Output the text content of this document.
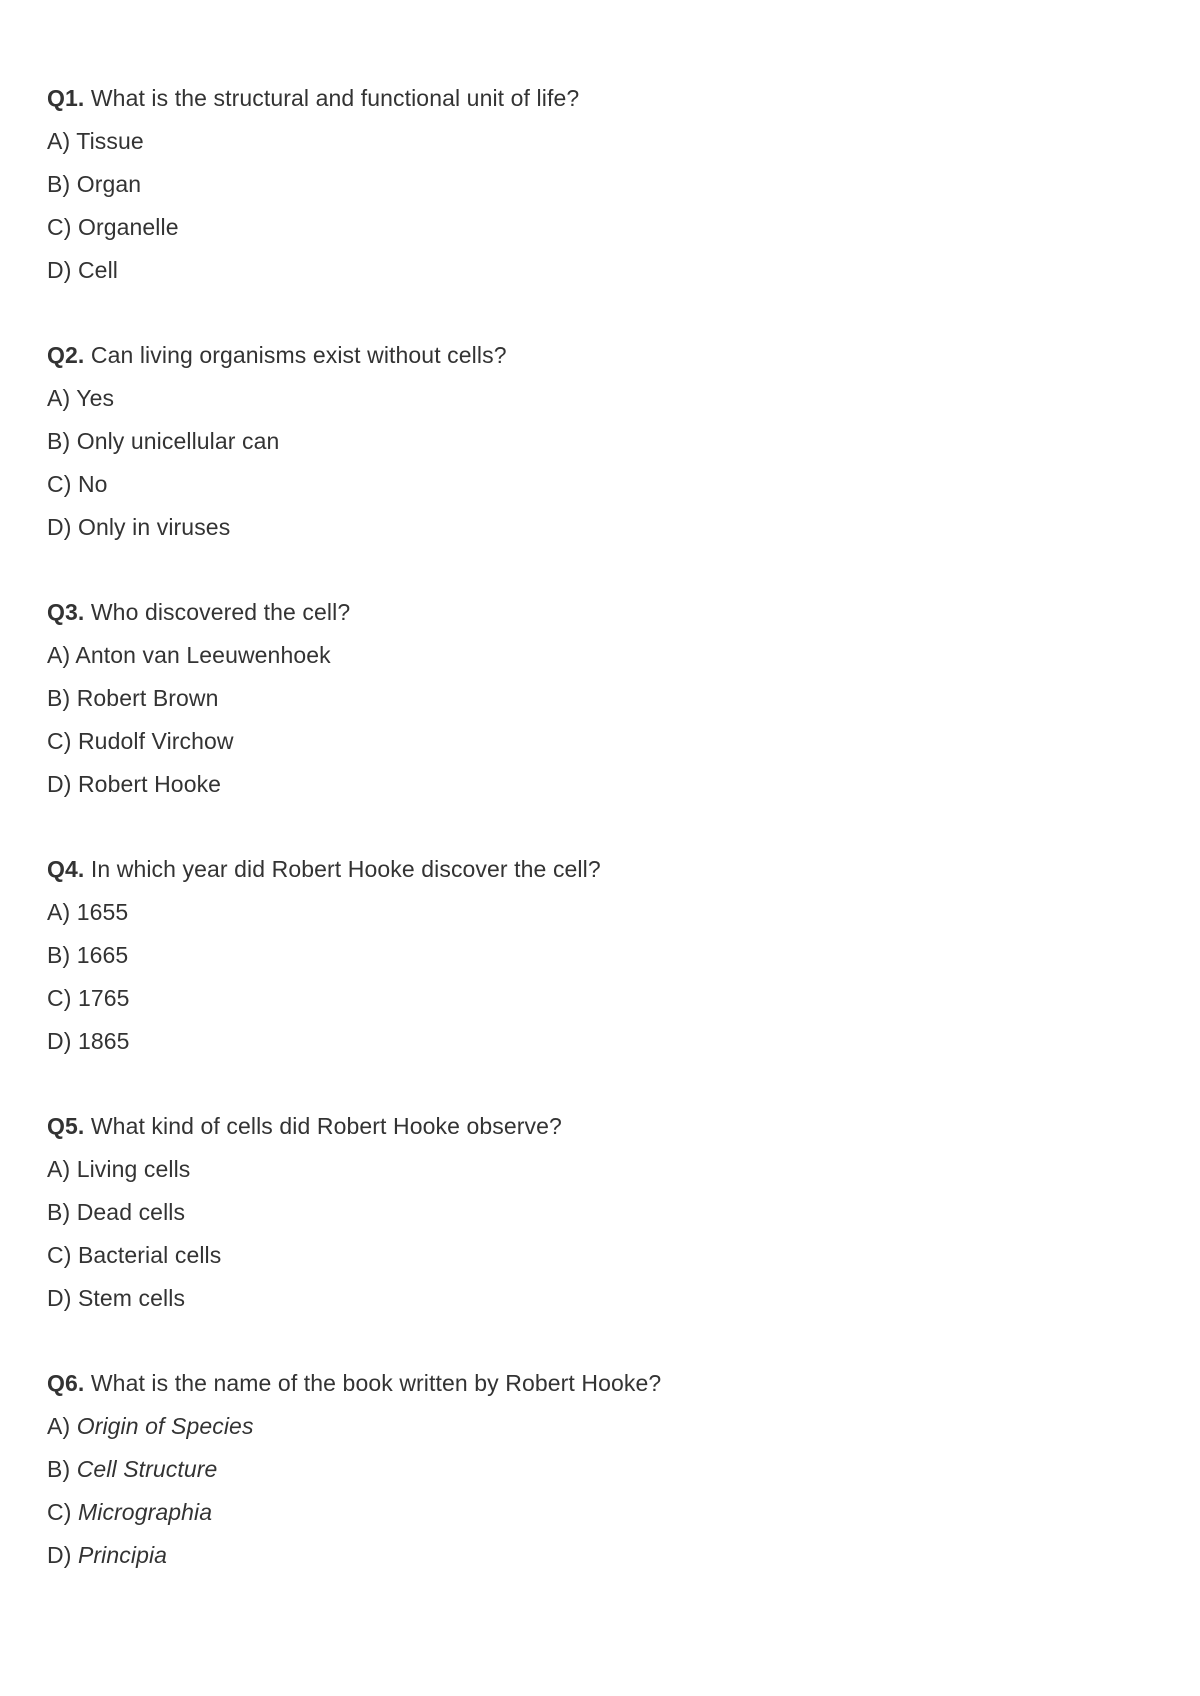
Q1. What is the structural and functional unit of life?
A) Tissue
B) Organ
C) Organelle
D) Cell
Q2. Can living organisms exist without cells?
A) Yes
B) Only unicellular can
C) No
D) Only in viruses
Q3. Who discovered the cell?
A) Anton van Leeuwenhoek
B) Robert Brown
C) Rudolf Virchow
D) Robert Hooke
Q4. In which year did Robert Hooke discover the cell?
A) 1655
B) 1665
C) 1765
D) 1865
Q5. What kind of cells did Robert Hooke observe?
A) Living cells
B) Dead cells
C) Bacterial cells
D) Stem cells
Q6. What is the name of the book written by Robert Hooke?
A) Origin of Species
B) Cell Structure
C) Micrographia
D) Principia
